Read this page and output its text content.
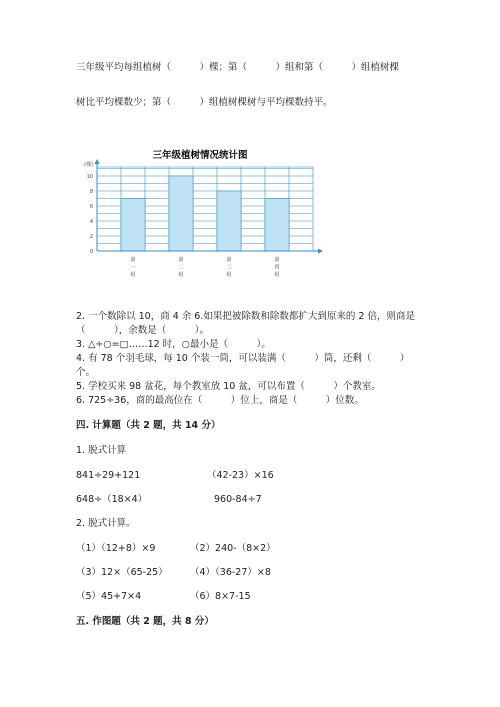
三年级平均每组植树（　　　）棵；第（　　　）组和第（　　　）组植树棵
树比平均棵数少；第（　　　）组植树棵树与平均棵数持平。
三年级植树情况统计图
(棵)
0
2
4
6
8
10
第
一
组
第
二
组
第
三
组
第
四
组
2. 一个数除以 10，商 4 余 6.如果把被除数和除数都扩大到原来的 2 倍，则商是
（　　　），余数是（　　　）。
3. △÷○=□……12 时，○最小是（　　　）。
4. 有 78 个羽毛球，每 10 个装一筒，可以装满（　　　）筒，还剩（　　　）
个。
5. 学校买来 98 盆花，每个教室放 10 盆，可以布置（　　　）个教室。
6. 725÷36，商的最高位在（　　　）位上，商是（　　　）位数。
四. 计算题（共 2 题，共 14 分）
1. 脱式计算
841÷29+121	（42-23）×16
648÷（18×4）	960-84÷7
2. 脱式计算。
（1）（12+8）×9	（2）240-（8×2）
（3）12×（65-25） （4）（36-27）×8
（5）45+7×4	（6）8×7-15
五. 作图题（共 2 题，共 8 分）
